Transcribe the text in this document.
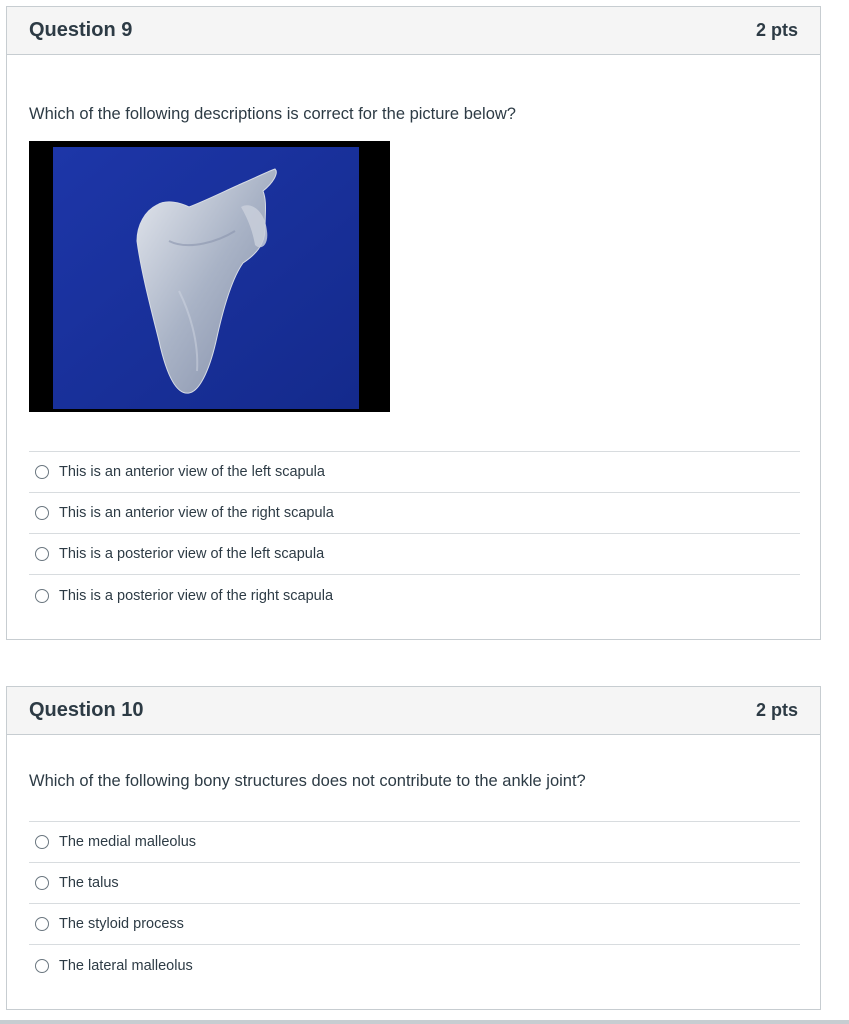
Question 9	2 pts
Which of the following descriptions is correct for the picture below?
This is an anterior view of the left scapula
This is an anterior view of the right scapula
This is a posterior view of the left scapula
This is a posterior view of the right scapula
Question 10	2 pts
Which of the following bony structures does not contribute to the ankle joint?
The medial malleolus
The talus
The styloid process
The lateral malleolus
